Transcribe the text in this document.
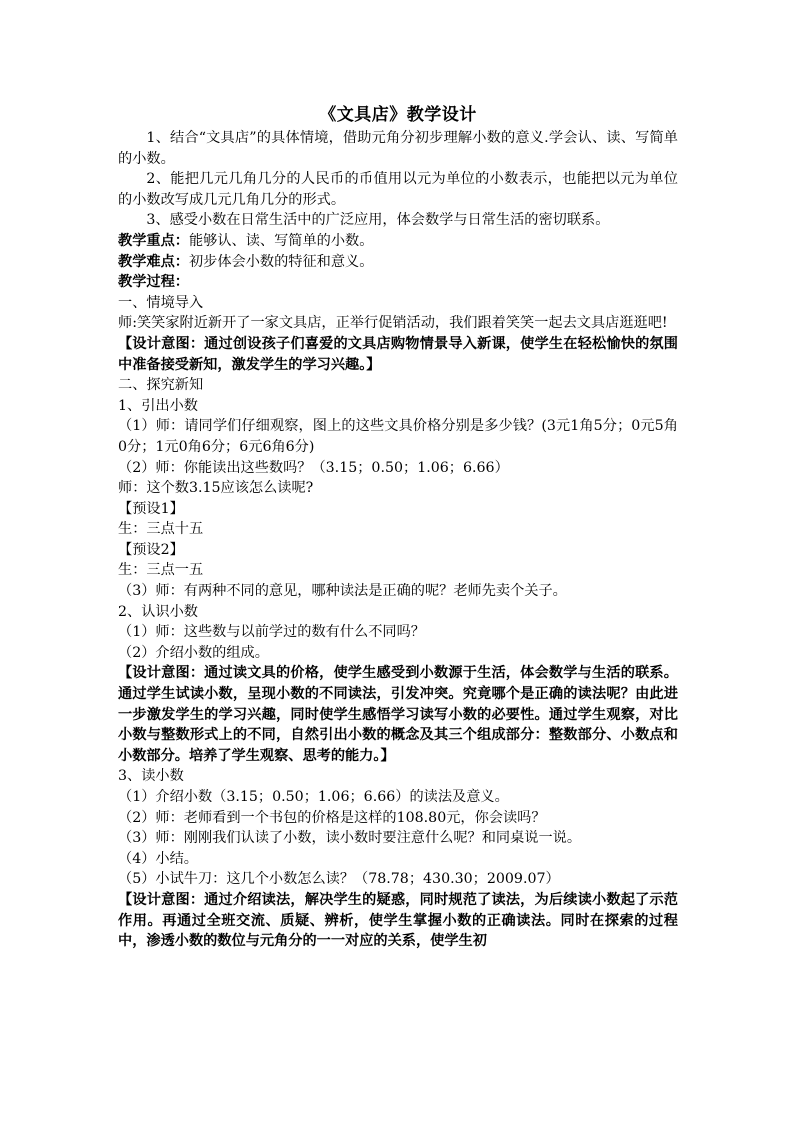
《文具店》教学设计

1、结合“文具店”的具体情境，借助元角分初步理解小数的意义.学会认、读、写简单的小数。

2、能把几元几角几分的人民币的币值用以元为单位的小数表示，也能把以元为单位的小数改写成几元几角几分的形式。

3、感受小数在日常生活中的广泛应用，体会数学与日常生活的密切联系。

教学重点：能够认、读、写简单的小数。

教学难点：初步体会小数的特征和意义。

教学过程：

一、情境导入

师:笑笑家附近新开了一家文具店，正举行促销活动，我们跟着笑笑一起去文具店逛逛吧!

【设计意图：通过创设孩子们喜爱的文具店购物情景导入新课，使学生在轻松愉快的氛围中准备接受新知，激发学生的学习兴趣。】

二、探究新知

1、引出小数

（1）师：请同学们仔细观察，图上的这些文具价格分别是多少钱？(3元1角5分；0元5角0分；1元0角6分；6元6角6分)

（2）师：你能读出这些数吗？（3.15；0.50；1.06；6.66）

师：这个数3.15应该怎么读呢?

【预设1】

生：三点十五

【预设2】

生：三点一五

（3）师：有两种不同的意见，哪种读法是正确的呢？老师先卖个关子。

2、认识小数

（1）师：这些数与以前学过的数有什么不同吗？

（2）介绍小数的组成。

【设计意图：通过读文具的价格，使学生感受到小数源于生活，体会数学与生活的联系。通过学生试读小数，呈现小数的不同读法，引发冲突。究竟哪个是正确的读法呢？由此进一步激发学生的学习兴趣，同时使学生感悟学习读写小数的必要性。通过学生观察，对比小数与整数形式上的不同，自然引出小数的概念及其三个组成部分：整数部分、小数点和小数部分。培养了学生观察、思考的能力。】

3、读小数

（1）介绍小数（3.15；0.50；1.06；6.66）的读法及意义。

（2）师：老师看到一个书包的价格是这样的108.80元，你会读吗？

（3）师：刚刚我们认读了小数，读小数时要注意什么呢？和同桌说一说。

（4）小结。

（5）小试牛刀：这几个小数怎么读？（78.78；430.30；2009.07）

【设计意图：通过介绍读法，解决学生的疑惑，同时规范了读法，为后续读小数起了示范作用。再通过全班交流、质疑、辨析，使学生掌握小数的正确读法。同时在探索的过程中，渗透小数的数位与元角分的一一对应的关系，使学生初
